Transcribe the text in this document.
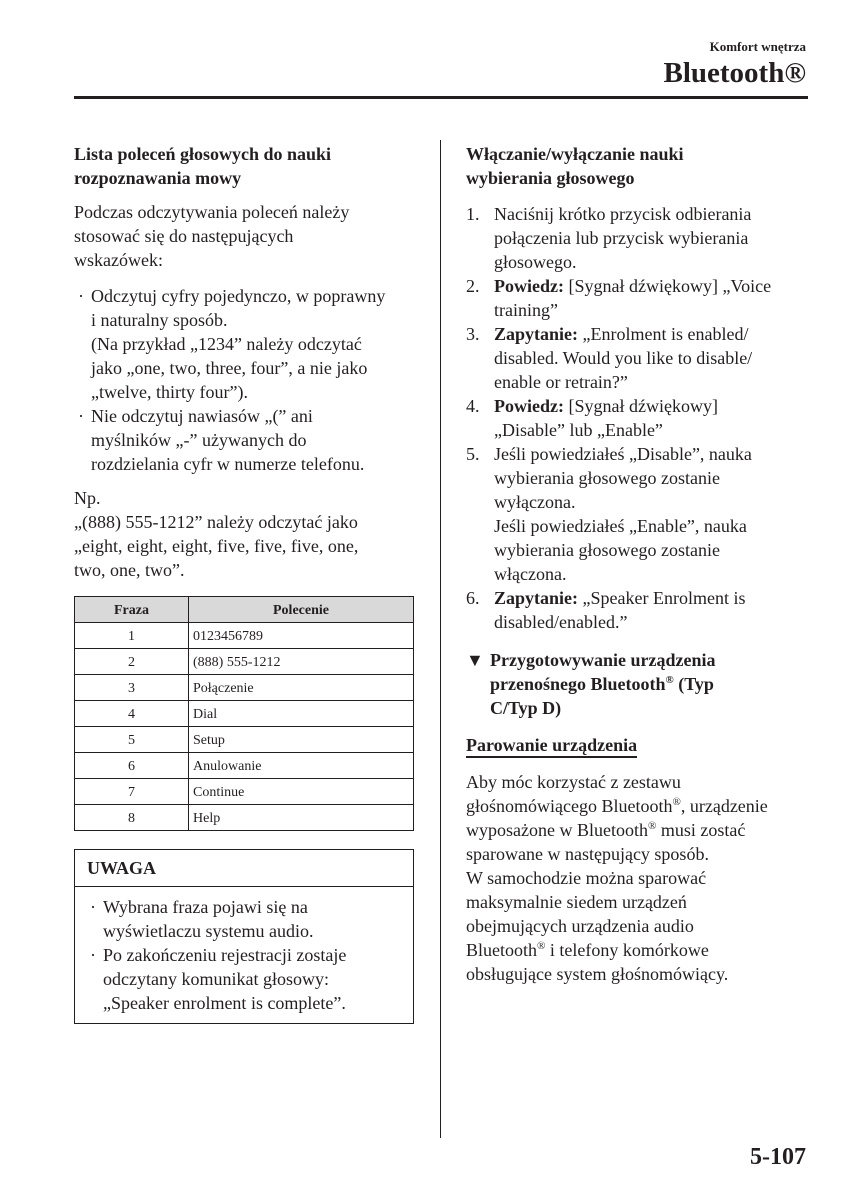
Komfort wnętrza
Bluetooth®

Lista poleceń głosowych do nauki
rozpoznawania mowy

Podczas odczytywania poleceń należy
stosować się do następujących
wskazówek:

· Odczytuj cyfry pojedynczo, w poprawny
i naturalny sposób.
(Na przykład „1234” należy odczytać
jako „one, two, three, four”, a nie jako
„twelve, thirty four”).
· Nie odczytuj nawiasów „(” ani
myślników „-” używanych do
rozdzielania cyfr w numerze telefonu.

Np.
„(888) 555-1212” należy odczytać jako
„eight, eight, eight, five, five, five, one,
two, one, two”.

Fraza	Polecenie
1	0123456789
2	(888) 555-1212
3	Połączenie
4	Dial
5	Setup
6	Anulowanie
7	Continue
8	Help
UWAGA
· Wybrana fraza pojawi się na
wyświetlaczu systemu audio.
· Po zakończeniu rejestracji zostaje
odczytany komunikat głosowy:
„Speaker enrolment is complete”.

Włączanie/wyłączanie nauki
wybierania głosowego

1. Naciśnij krótko przycisk odbierania
połączenia lub przycisk wybierania
głosowego.
2. Powiedz: [Sygnał dźwiękowy] „Voice
training”
3. Zapytanie: „Enrolment is enabled/
disabled. Would you like to disable/
enable or retrain?”
4. Powiedz: [Sygnał dźwiękowy]
„Disable” lub „Enable”
5. Jeśli powiedziałeś „Disable”, nauka
wybierania głosowego zostanie
wyłączona.
Jeśli powiedziałeś „Enable”, nauka
wybierania głosowego zostanie
włączona.
6. Zapytanie: „Speaker Enrolment is
disabled/enabled.”
▼ Przygotowywanie urządzenia
przenośnego Bluetooth® (Typ
C/Typ D)
Parowanie urządzenia

Aby móc korzystać z zestawu
głośnomówiącego Bluetooth®, urządzenie
wyposażone w Bluetooth® musi zostać
sparowane w następujący sposób.
W samochodzie można sparować
maksymalnie siedem urządzeń
obejmujących urządzenia audio
Bluetooth® i telefony komórkowe
obsługujące system głośnomówiący.

5-107
